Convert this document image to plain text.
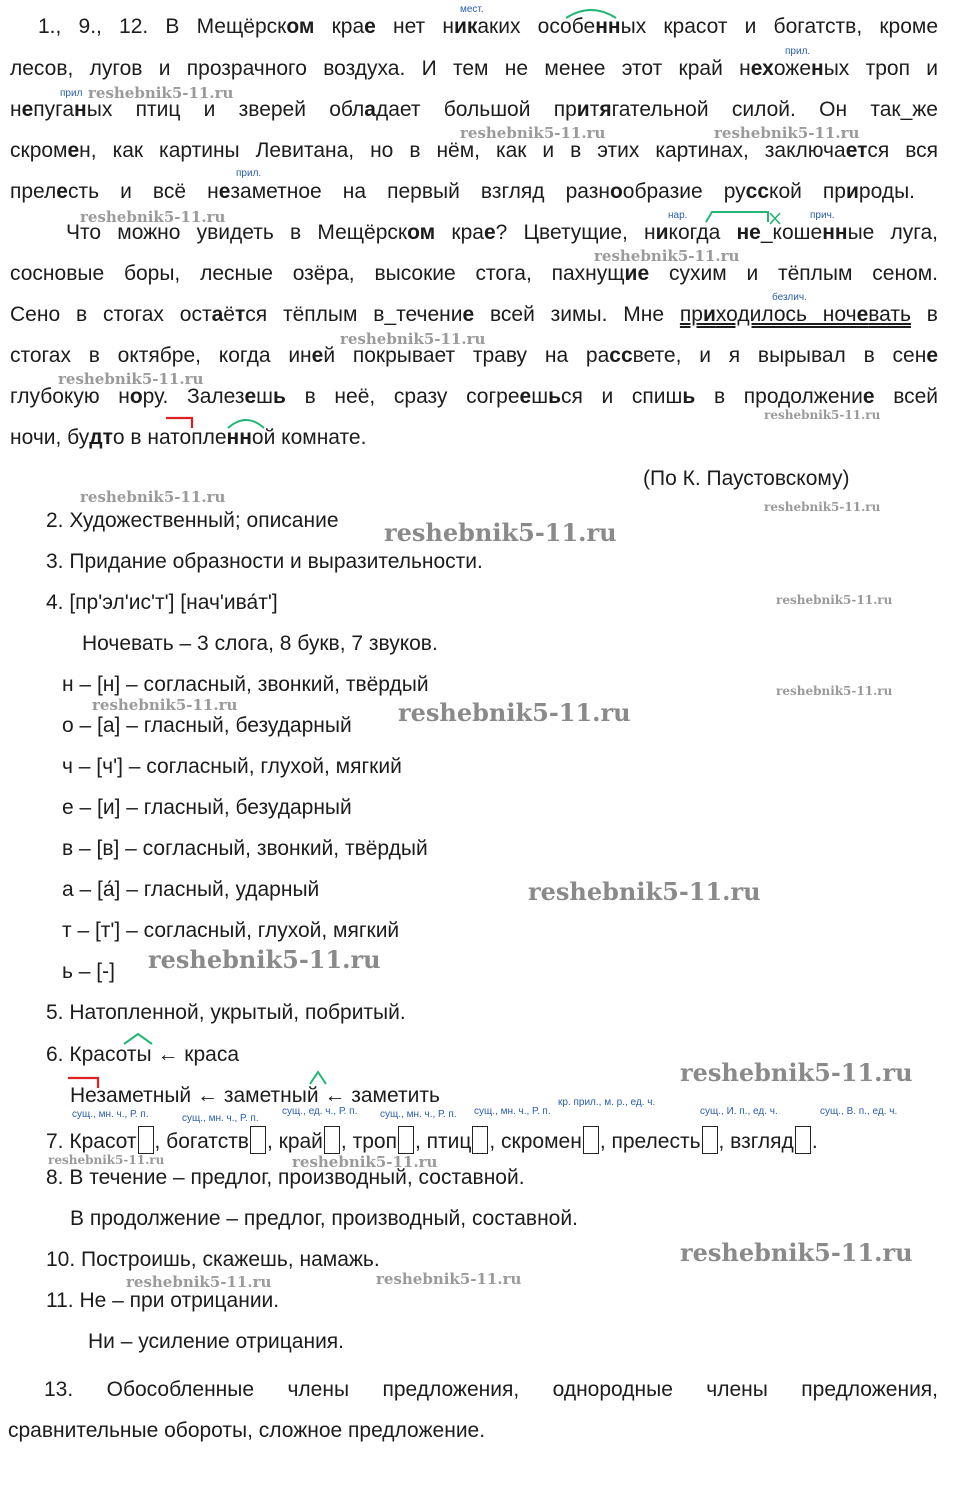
1., 9., 12. В Мещёрском крае нет никаких особенных красот и богатств, кроме
лесов, лугов и прозрачного воздуха. И тем не менее этот край нехоженых троп и
непуганых птиц и зверей обладает большой притягательной силой. Он так_же
скромен, как картины Левитана, но в нём, как и в этих картинах, заключается вся
прелесть и всё незаметное на первый взгляд разнообразие русской природы.
Что можно увидеть в Мещёрском крае? Цветущие, никогда не_кошенные луга,
сосновые боры, лесные озёра, высокие стога, пахнущие сухим и тёплым сеном.
Сено в стогах остаётся тёплым в_течение всей зимы. Мне приходилось ночевать в
стогах в октябре, когда иней покрывает траву на рассвете, и я вырывал в сене
глубокую нору. Залезешь в неё, сразу согреешься и спишь в продолжение всей
ночи, будто в натопленной комнате.
(По К. Паустовскому)
2. Художественный; описание
3. Придание образности и выразительности.
4. [пр'эл'ис'т'] [нач'ива́т']
Ночевать – 3 слога, 8 букв, 7 звуков.
н – [н] – согласный, звонкий, твёрдый
о – [а] – гласный, безударный
ч – [ч'] – согласный, глухой, мягкий
е – [и] – гласный, безударный
в – [в] – согласный, звонкий, твёрдый
а – [а́] – гласный, ударный
т – [т'] – согласный, глухой, мягкий
ь – [-]
5. Натопленной, укрытый, побритый.
6. Красоты ← краса
Незаметный ← заметный ← заметить
7. Красот , богатств , край , троп , птиц , скромен , прелесть , взгляд .
8. В течение – предлог, производный, составной.
В продолжение – предлог, производный, составной.
10. Построишь, скажешь, намажь.
11. Не – при отрицании.
Ни – усиление отрицания.
13. Обособленные члены предложения, однородные члены предложения,
сравнительные обороты, сложное предложение.
мест.
прил.
прил
прил.
нар.	прич.
безлич.
сущ., мн. ч., Р. п.	сущ., мн. ч., Р. п.
сущ., ед. ч., Р. п. сущ., мн. ч., Р. п. сущ., мн. ч., Р. п.
кр. прил., м. р., ед. ч.
сущ., И. п., ед. ч.	сущ., В. п., ед. ч.
reshebnik5-11.ru
reshebnik5-11.ru	reshebnik5-11.ru
reshebnik5-11.ru
reshebnik5-11.ru
reshebnik5-11.ru
reshebnik5-11.ru
reshebnik5-11.ru
reshebnik5-11.ru
reshebnik5-11.ru
reshebnik5-11.ru
reshebnik5-11.ru
reshebnik5-11.ru
reshebnik5-11.ru	reshebnik5-11.ru
reshebnik5-11.ru
reshebnik5-11.ru
reshebnik5-11.ru
reshebnik5-11.ru	reshebnik5-11.ru
reshebnik5-11.ru
reshebnik5-11.ru
reshebnik5-11.ru
